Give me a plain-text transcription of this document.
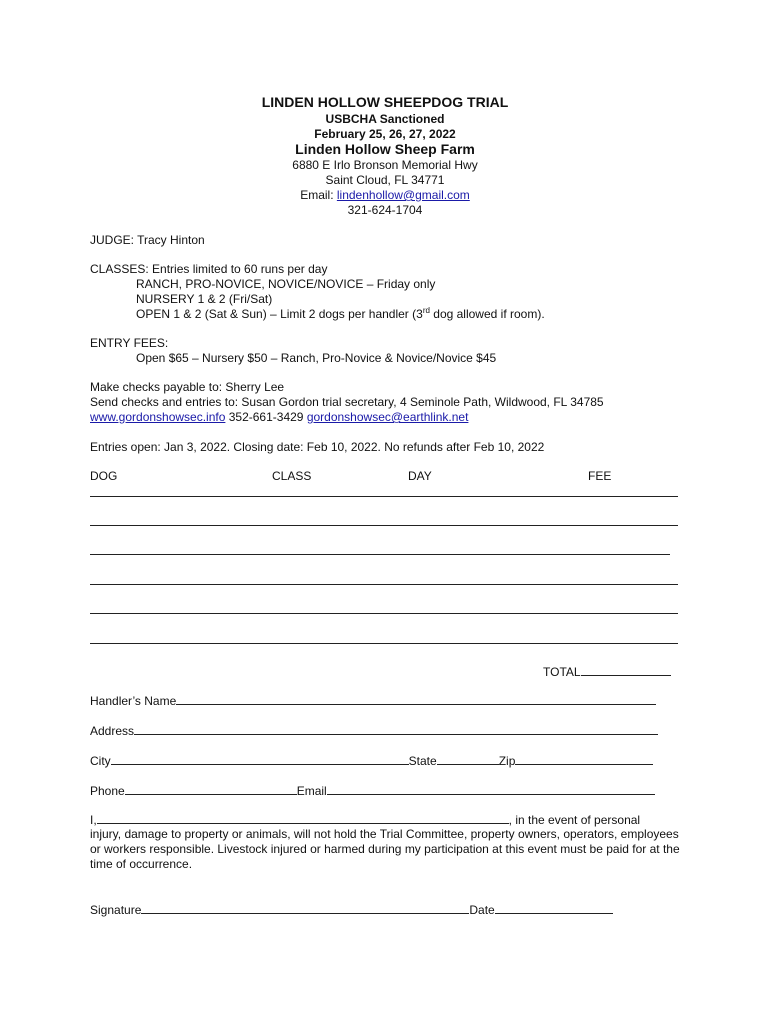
LINDEN HOLLOW SHEEPDOG TRIAL
USBCHA Sanctioned
February 25, 26, 27, 2022
Linden Hollow Sheep Farm
6880 E Irlo Bronson Memorial Hwy
Saint Cloud, FL 34771
Email: lindenhollow@gmail.com
321-624-1704
JUDGE: Tracy Hinton
CLASSES: Entries limited to 60 runs per day
RANCH, PRO-NOVICE, NOVICE/NOVICE – Friday only
NURSERY 1 & 2 (Fri/Sat)
OPEN 1 & 2 (Sat & Sun) – Limit 2 dogs per handler (3rd dog allowed if room).
ENTRY FEES:
Open $65 – Nursery $50 – Ranch, Pro-Novice & Novice/Novice $45
Make checks payable to: Sherry Lee
Send checks and entries to: Susan Gordon trial secretary, 4 Seminole Path, Wildwood, FL 34785
www.gordonshowsec.info 352-661-3429 gordonshowsec@earthlink.net
Entries open: Jan 3, 2022. Closing date: Feb 10, 2022. No refunds after Feb 10, 2022
DOG	CLASS	DAY	FEE
TOTAL
Handler’s Name
Address
City	State	Zip
Phone	Email
I,	, in the event of personal
injury, damage to property or animals, will not hold the Trial Committee, property owners, operators, employees or workers responsible. Livestock injured or harmed during my participation at this event must be paid for at the time of occurrence.
Signature	Date
